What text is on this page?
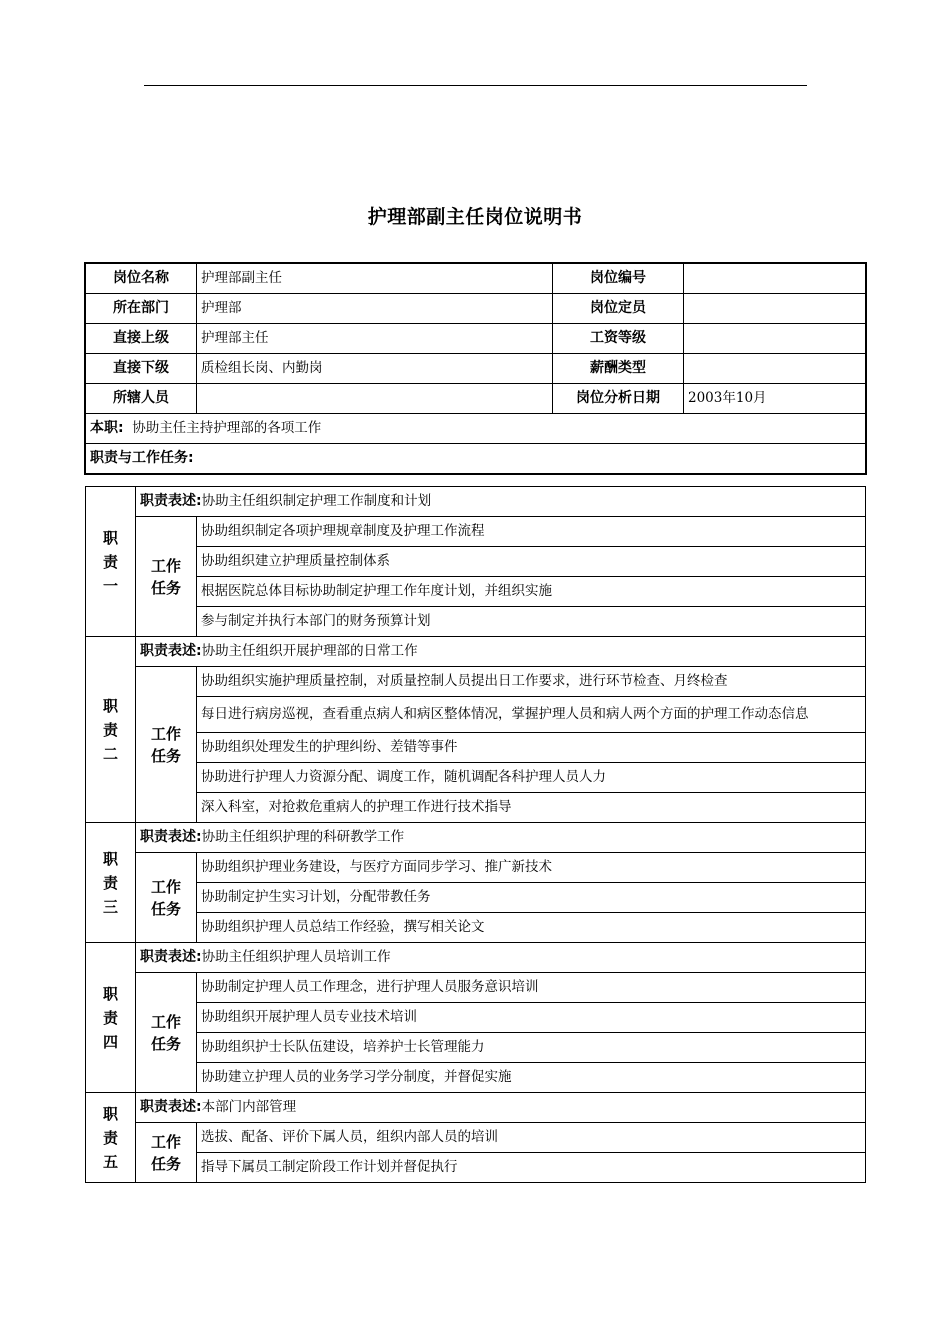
护理部副主任岗位说明书
岗位名称	护理部副主任	岗位编号	
所在部门	护理部	岗位定员	
直接上级	护理部主任	工资等级	
直接下级	质检组长岗、内勤岗	薪酬类型	
所辖人员		岗位分析日期	2003年10月
本职: 协助主任主持护理部的各项工作			
职责与工作任务:			
职
责
一	职责表述:协助主任组织制定护理工作制度和计划	

	工作
任务	协助组织制定各项护理规章制度及护理工作流程
		协助组织建立护理质量控制体系
		根据医院总体目标协助制定护理工作年度计划，并组织实施
		参与制定并执行本部门的财务预算计划

职
责
二	职责表述:协助主任组织开展护理部的日常工作	

	工作
任务	协助组织实施护理质量控制，对质量控制人员提出日工作要求，进行环节检查、月终检查
		每日进行病房巡视，查看重点病人和病区整体情况，掌握护理人员和病人两个方面的护理工作动态信息
		协助组织处理发生的护理纠纷、差错等事件
		协助进行护理人力资源分配、调度工作，随机调配各科护理人员人力
		深入科室，对抢救危重病人的护理工作进行技术指导

职
责
三	职责表述:协助主任组织护理的科研教学工作	

	工作
任务	协助组织护理业务建设，与医疗方面同步学习、推广新技术
		协助制定护生实习计划，分配带教任务
		协助组织护理人员总结工作经验，撰写相关论文

职
责
四	职责表述:协助主任组织护理人员培训工作	

	工作
任务	协助制定护理人员工作理念，进行护理人员服务意识培训
		协助组织开展护理人员专业技术培训
		协助组织护士长队伍建设，培养护士长管理能力
		协助建立护理人员的业务学习学分制度，并督促实施

职
责
五	职责表述:本部门内部管理	

	工作
任务	选拔、配备、评价下属人员，组织内部人员的培训
		指导下属员工制定阶段工作计划并督促执行
